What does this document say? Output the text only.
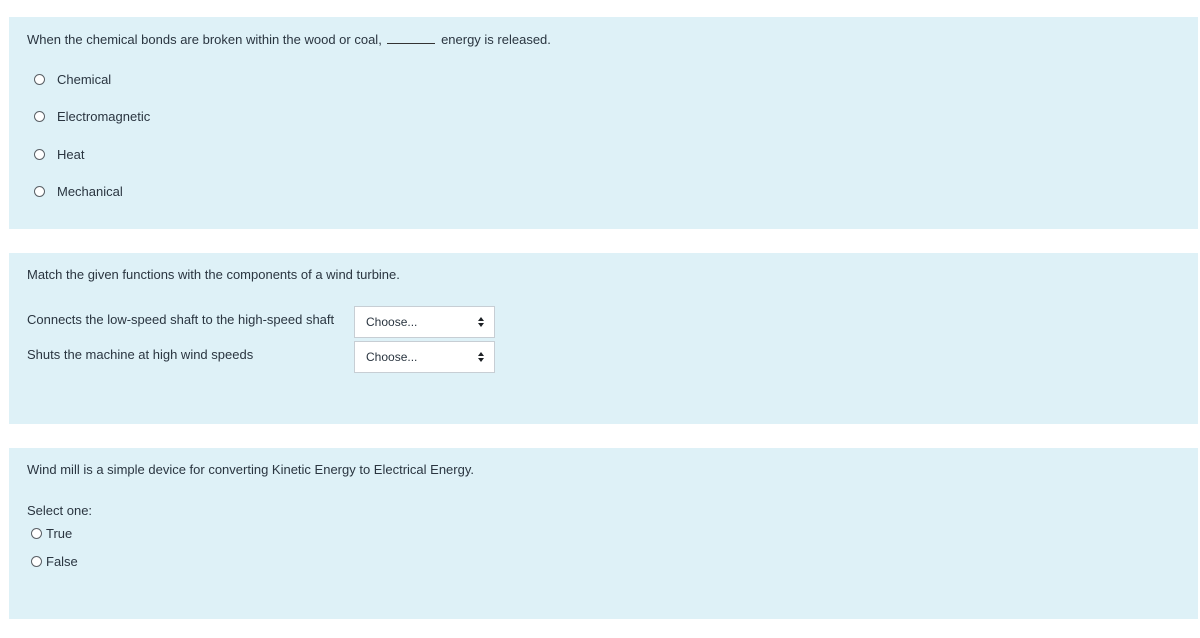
When the chemical bonds are broken within the wood or coal,	energy is released.
Chemical
Electromagnetic
Heat
Mechanical
Match the given functions with the components of a wind turbine.
Connects the low-speed shaft to the high-speed shaft	Choose...
Shuts the machine at high wind speeds	Choose...
Wind mill is a simple device for converting Kinetic Energy to Electrical Energy.
Select one:
True
False
